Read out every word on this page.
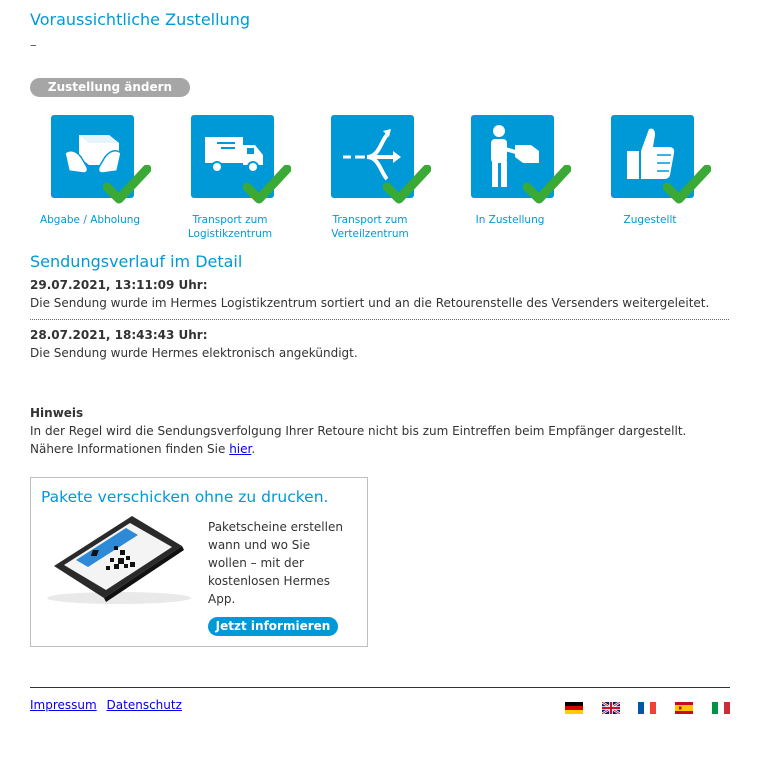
Voraussichtliche Zustellung
–
Zustellung ändern
Abgabe / Abholung	Transport zum Logistikzentrum
Transport zum Verteilzentrum
In Zustellung	Zugestellt
Sendungsverlauf im Detail
29.07.2021, 13:11:09 Uhr:
Die Sendung wurde im Hermes Logistikzentrum sortiert und an die Retourenstelle des Versenders weitergeleitet.
28.07.2021, 18:43:43 Uhr:
Die Sendung wurde Hermes elektronisch angekündigt.
Hinweis
In der Regel wird die Sendungsverfolgung Ihrer Retoure nicht bis zum Eintreffen beim Empfänger dargestellt.
Nähere Informationen finden Sie hier.
Pakete verschicken ohne zu drucken.
Paketscheine erstellen wann und wo Sie wollen – mit der kostenlosen Hermes App.
Jetzt informieren
Impressum Datenschutz
